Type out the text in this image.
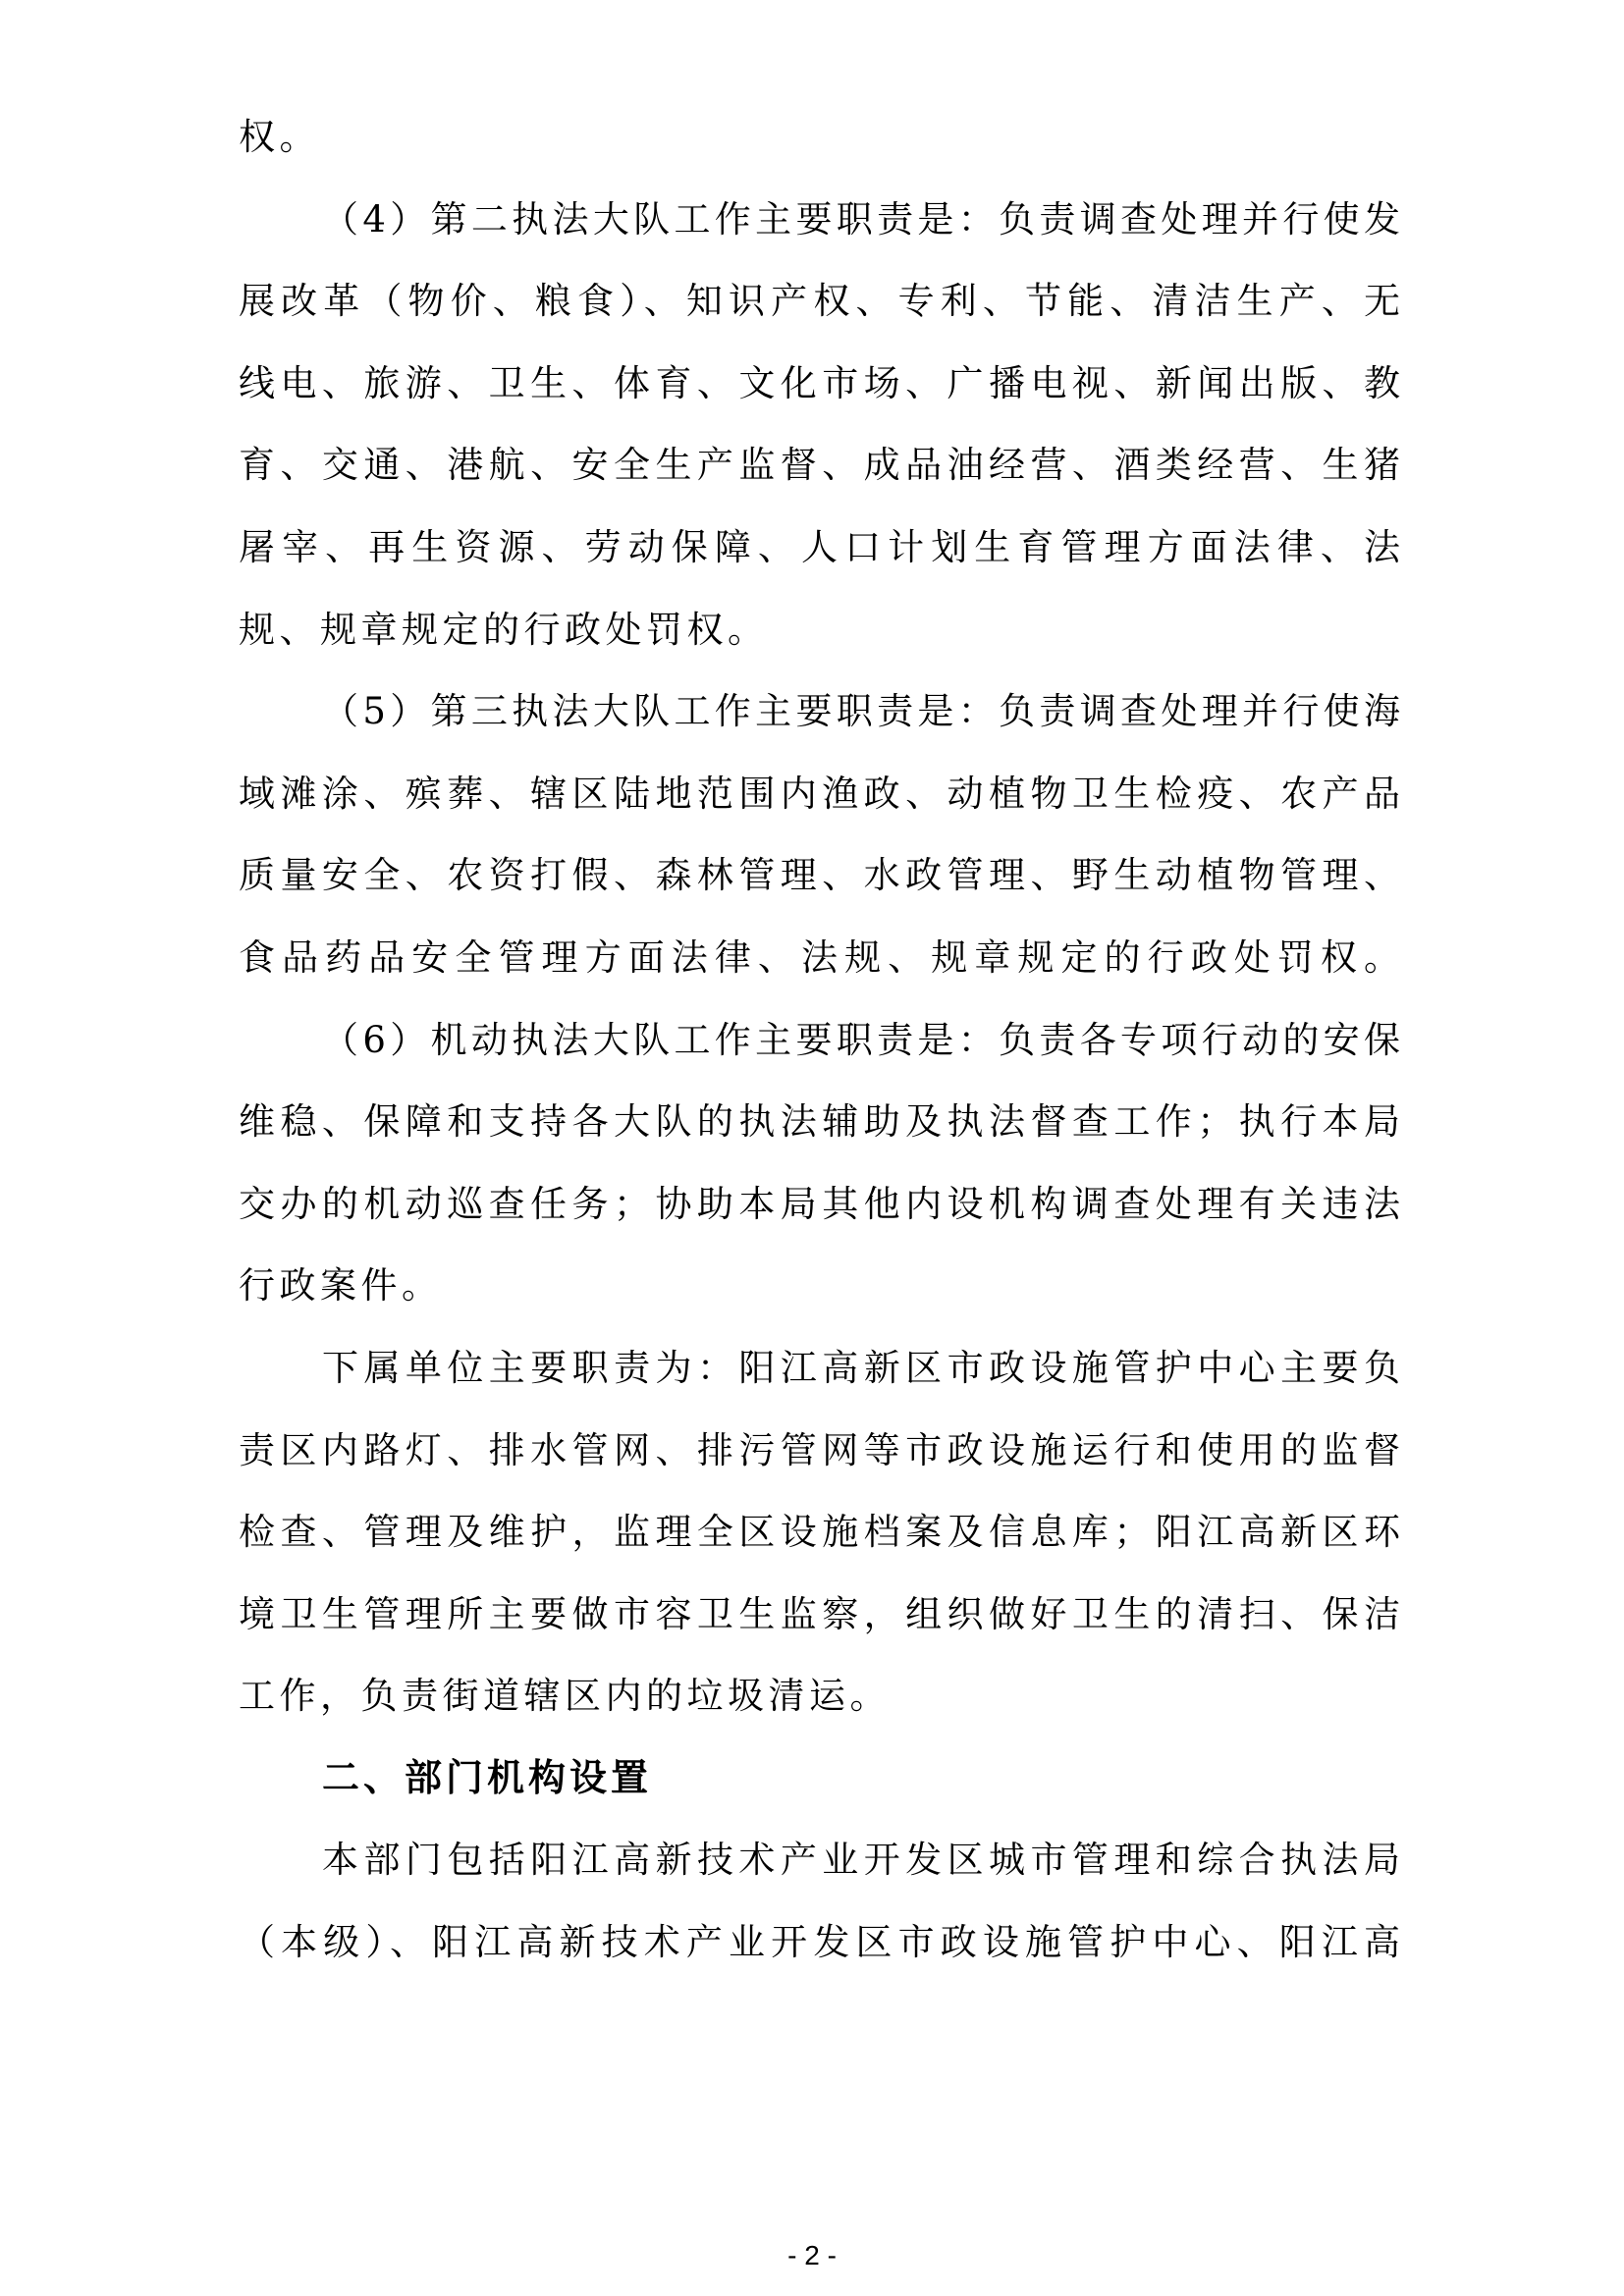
权。
（4）第二执法大队工作主要职责是：负责调查处理并行使发
展改革（物价、粮食）、知识产权、专利、节能、清洁生产、无
线电、旅游、卫生、体育、文化市场、广播电视、新闻出版、教
育、交通、港航、安全生产监督、成品油经营、酒类经营、生猪
屠宰、再生资源、劳动保障、人口计划生育管理方面法律、法
规、规章规定的行政处罚权。
（5）第三执法大队工作主要职责是：负责调查处理并行使海
域滩涂、殡葬、辖区陆地范围内渔政、动植物卫生检疫、农产品
质量安全、农资打假、森林管理、水政管理、野生动植物管理、
食品药品安全管理方面法律、法规、规章规定的行政处罚权。
（6）机动执法大队工作主要职责是：负责各专项行动的安保
维稳、保障和支持各大队的执法辅助及执法督查工作；执行本局
交办的机动巡查任务；协助本局其他内设机构调查处理有关违法
行政案件。
下属单位主要职责为：阳江高新区市政设施管护中心主要负
责区内路灯、排水管网、排污管网等市政设施运行和使用的监督
检查、管理及维护，监理全区设施档案及信息库；阳江高新区环
境卫生管理所主要做市容卫生监察，组织做好卫生的清扫、保洁
工作，负责街道辖区内的垃圾清运。
二、部门机构设置
本部门包括阳江高新技术产业开发区城市管理和综合执法局
（本级）、阳江高新技术产业开发区市政设施管护中心、阳江高
- 2 -
